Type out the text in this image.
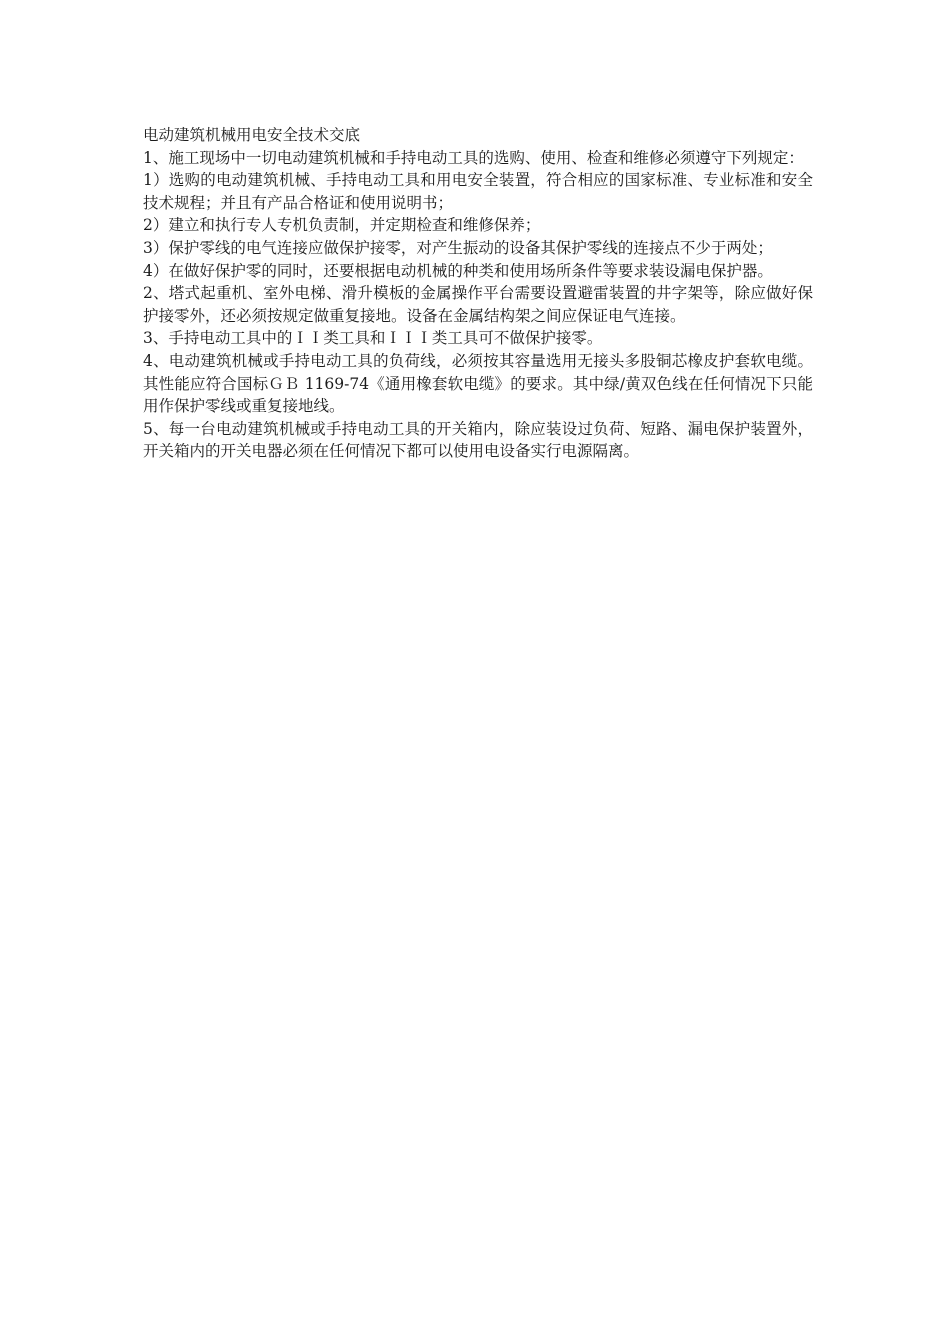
电动建筑机械用电安全技术交底

1、施工现场中一切电动建筑机械和手持电动工具的选购、使用、检查和维修必须遵守下列规定：

1）选购的电动建筑机械、手持电动工具和用电安全装置，符合相应的国家标准、专业标准和安全技术规程；并且有产品合格证和使用说明书；

2）建立和执行专人专机负责制，并定期检查和维修保养；

3）保护零线的电气连接应做保护接零，对产生振动的设备其保护零线的连接点不少于两处；

4）在做好保护零的同时，还要根据电动机械的种类和使用场所条件等要求装设漏电保护器。

2、塔式起重机、室外电梯、滑升模板的金属操作平台需要设置避雷装置的井字架等，除应做好保护接零外，还必须按规定做重复接地。设备在金属结构架之间应保证电气连接。

3、手持电动工具中的ＩＩ类工具和ＩＩＩ类工具可不做保护接零。

4、电动建筑机械或手持电动工具的负荷线，必须按其容量选用无接头多股铜芯橡皮护套软电缆。其性能应符合国标ＧＢ 1169-74《通用橡套软电缆》的要求。其中绿/黄双色线在任何情况下只能用作保护零线或重复接地线。

5、每一台电动建筑机械或手持电动工具的开关箱内，除应装设过负荷、短路、漏电保护装置外，开关箱内的开关电器必须在任何情况下都可以使用电设备实行电源隔离。
